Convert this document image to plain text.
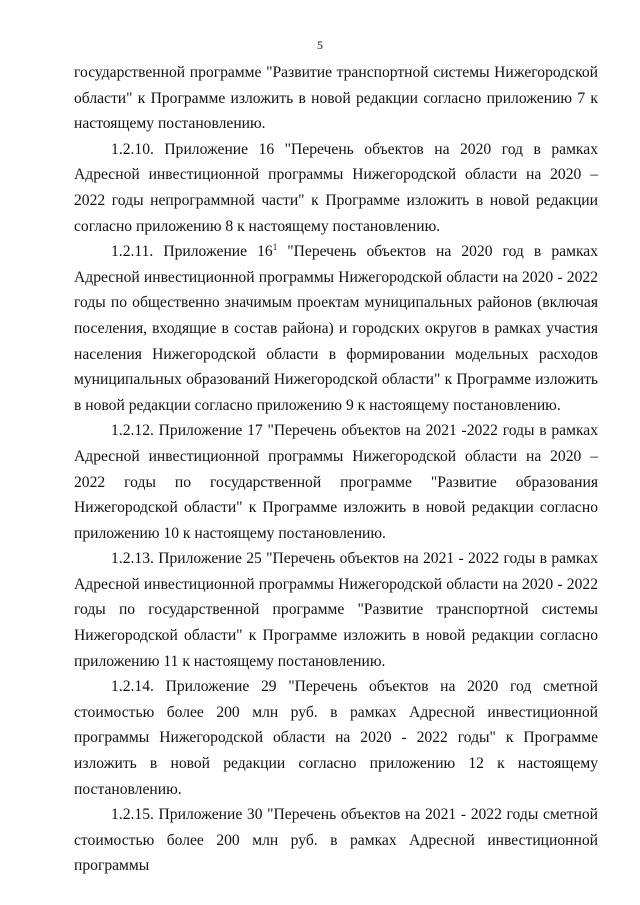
5

государственной программе "Развитие транспортной системы Нижегородской области" к Программе изложить в новой редакции согласно приложению 7 к настоящему постановлению.

1.2.10. Приложение 16 "Перечень объектов на 2020 год в рамках Адресной инвестиционной программы Нижегородской области на 2020 – 2022 годы непрограммной части" к Программе изложить в новой редакции согласно приложению 8 к настоящему постановлению.

1.2.11. Приложение $16^1$ "Перечень объектов на 2020 год в рамках Адресной инвестиционной программы Нижегородской области на 2020 - 2022 годы по общественно значимым проектам муниципальных районов (включая поселения, входящие в состав района) и городских округов в рамках участия населения Нижегородской области в формировании модельных расходов муниципальных образований Нижегородской области" к Программе изложить в новой редакции согласно приложению 9 к настоящему постановлению.

1.2.12. Приложение 17 "Перечень объектов на 2021 -2022 годы в рамках Адресной инвестиционной программы Нижегородской области на 2020 – 2022 годы по государственной программе "Развитие образования Нижегородской области" к Программе изложить в новой редакции согласно приложению 10 к настоящему постановлению.

1.2.13. Приложение 25 "Перечень объектов на 2021 - 2022 годы в рамках Адресной инвестиционной программы Нижегородской области на 2020 - 2022 годы по государственной программе "Развитие транспортной системы Нижегородской области" к Программе изложить в новой редакции согласно приложению 11 к настоящему постановлению.

1.2.14. Приложение 29 "Перечень объектов на 2020 год сметной стоимостью более 200 млн руб. в рамках Адресной инвестиционной программы Нижегородской области на 2020 - 2022 годы" к Программе изложить в новой редакции согласно приложению 12 к настоящему постановлению.

1.2.15. Приложение 30 "Перечень объектов на 2021 - 2022 годы сметной стоимостью более 200 млн руб. в рамках Адресной инвестиционной программы
